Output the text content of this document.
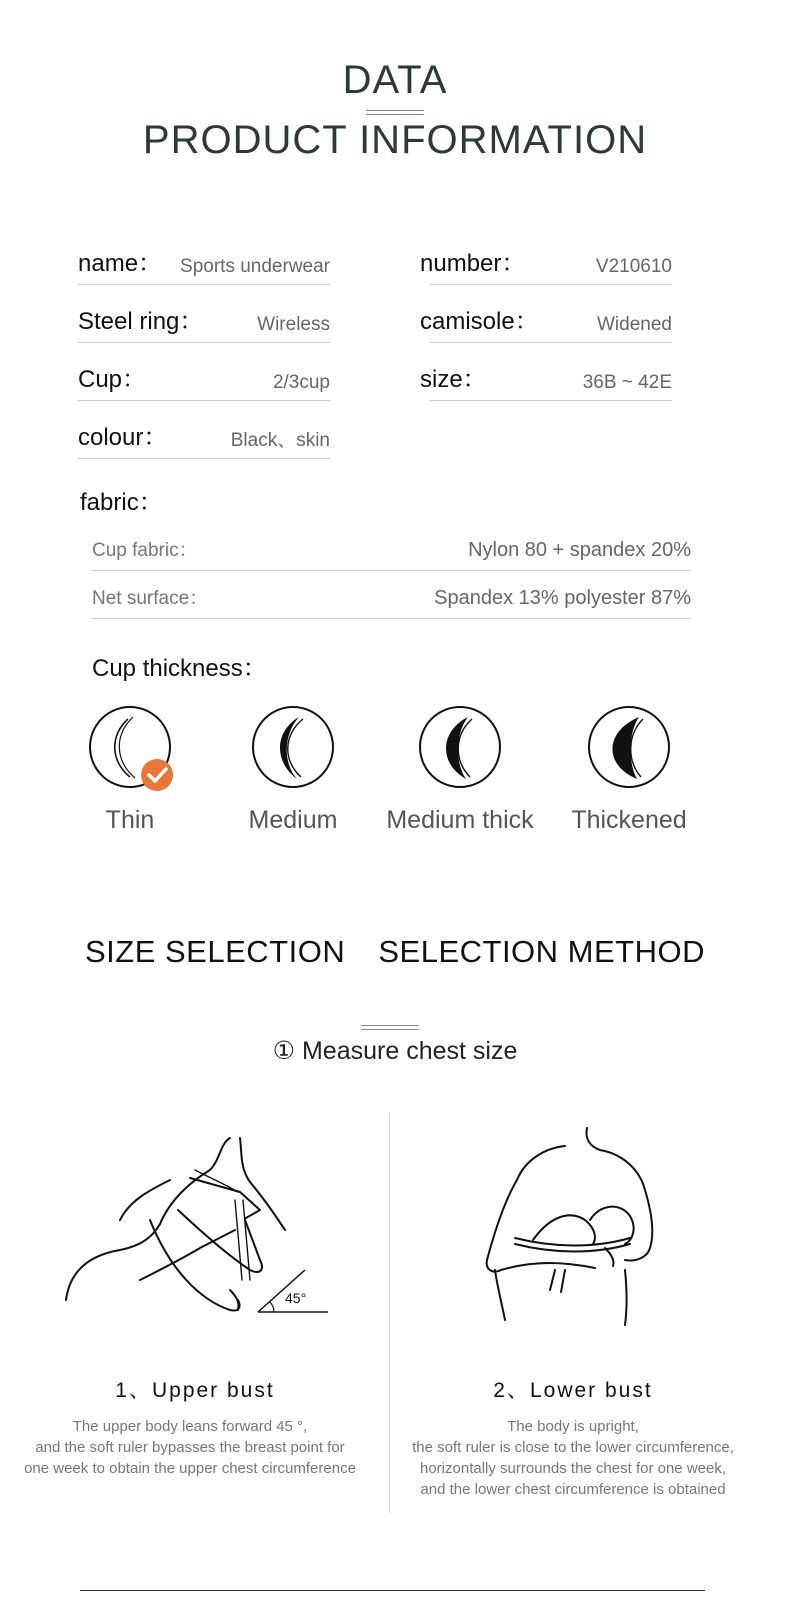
DATA
PRODUCT INFORMATION
name： Sports underwear
Steel ring：	Wireless
Cup：	2/3cup
colour：	Black、skin
number：	V210610
camisole：	Widened
size：	36B ~ 42E
fabric：
Cup fabric：	Nylon 80 + spandex 20%
Net surface：	Spandex 13% polyester 87%
Cup thickness：
Thin	Medium	Medium thick	Thickened
SIZE SELECTION SELECTION METHOD
① Measure chest size
45°
1、Upper bust
The upper body leans forward 45 °,
and the soft ruler bypasses the breast point for
one week to obtain the upper chest circumference
2、Lower bust
The body is upright,
the soft ruler is close to the lower circumference,
horizontally surrounds the chest for one week,
and the lower chest circumference is obtained
